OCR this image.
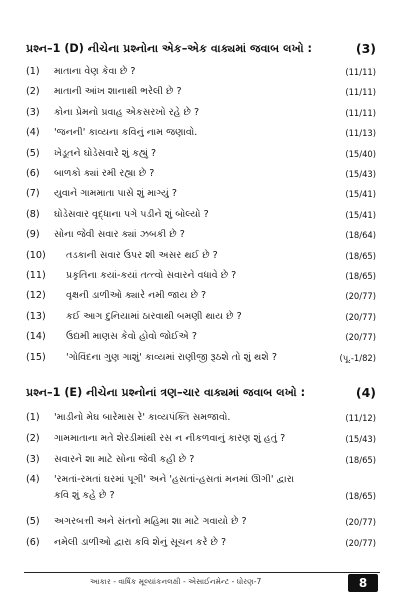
પ્રશ્ન–1 (D) નીચેના પ્રશ્નોના એક–એક વાક્યમાં જવાબ લખો :	(3)
(1) માતાના વેણ કેવા છે ?	(11/11)
(2) માતાની આંખ શાનાથી ભરેલી છે ?	(11/11)
(3) કોના પ્રેમનો પ્રવાહ એકસરખો રહે છે ?	(11/11)
(4) 'જનની' કાવ્યના કવિનું નામ જણાવો.	(11/13)
(5) ખેડૂતને ઘોડેસવારે શું કહ્યું ?	(15/40)
(6) બાળકો ક્યાં રમી રહ્યા છે ?	(15/43)
(7) યુવાને ગામમાતા પાસે શું માગ્યું ?	(15/41)
(8) ઘોડેસવાર વૃદ્ધાના પગે પડીને શું બોલ્યો ?	(15/41)
(9) સોના જેવી સવાર ક્યાં ઝબકી છે ?	(18/64)
(10) તડકાની સવાર ઉપર શી અસર થઈ છે ?	(18/65)
(11) પ્રકૃતિના કયાં-કયાં તત્ત્વો સવારને વધાવે છે ?	(18/65)
(12) વૃક્ષની ડાળીઓ ક્યારે નમી જાય છે ?	(20/77)
(13) કઈ આગ દુનિયામાં ઠારવાથી બમણી થાય છે ?	(20/77)
(14) ઉદ્યમી માણસ કેવો હોવો જોઈએ ?	(20/77)
(15) 'ગોવિંદના ગુણ ગાશું' કાવ્યમાં રાણીજી રૂઠશે તો શું થશે ?	(પૂ.-1/82)
પ્રશ્ન–1 (E) નીચેના પ્રશ્નોનાં ત્રણ–ચાર વાક્યમાં જવાબ લખો :	(4)
(1) 'માડીનો મેઘ બારેમાસ રે' કાવ્યપંક્તિ સમજાવો.	(11/12)
(2) ગામમાતાના મતે શેરડીમાંથી રસ ન નીકળવાનું કારણ શું હતું ?	(15/43)
(3) સવારને શા માટે સોના જેવી કહી છે ?	(18/65)
(4) 'રમતાં-રમતાં ઘરમાં પૂગી' અને 'હસતાં-હસતાં મનમાં ઊગી' દ્વારા
કવિ શું કહે છે ?	(18/65)
(5) અગરબત્તી અને સંતનો મહિમા શા માટે ગવાયો છે ?	(20/77)
(6) નમેલી ડાળીઓ દ્વારા કવિ શેનું સૂચન કરે છે ?	(20/77)
આકાર - વાર્ષિક મૂલ્યાંકનલક્ષી - એસાઈનમેન્ટ - ધોરણ-7	8
